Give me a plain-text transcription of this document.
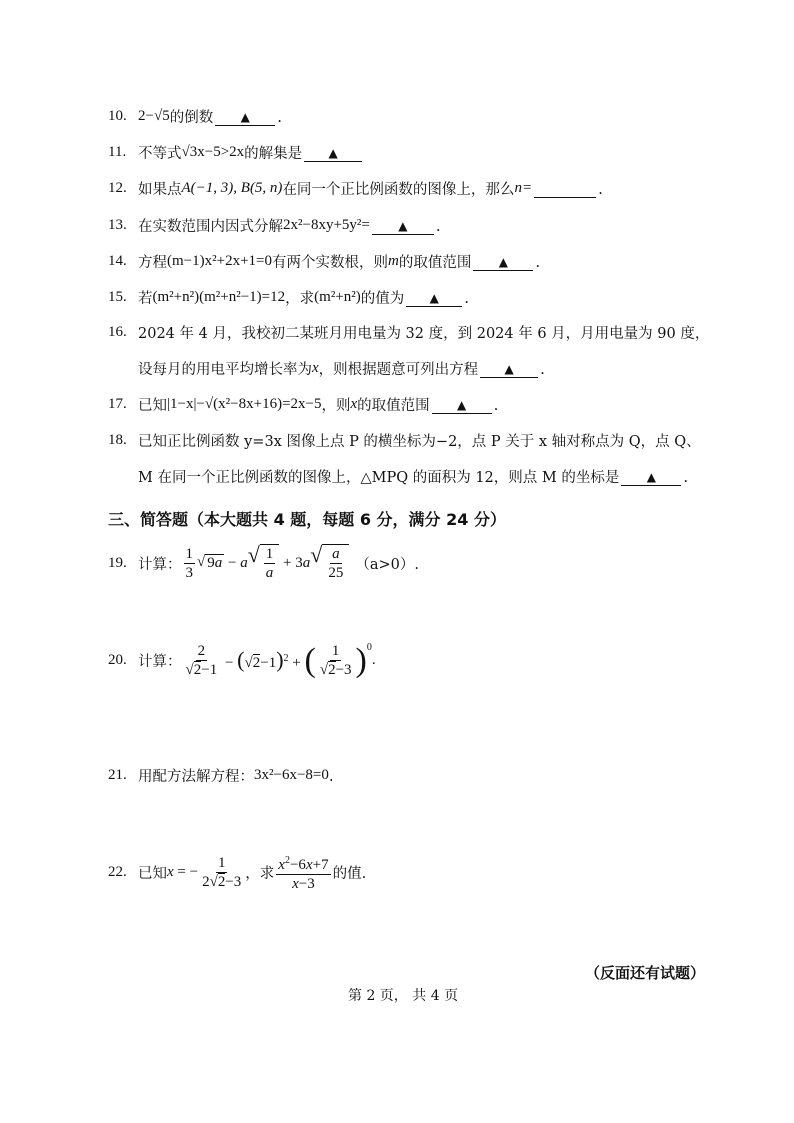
10. 2−√5 的倒数	▲	.
11. 不等式 √3x−5>2x 的解集是	▲
12. 如果点 A(−1, 3), B(5, n) 在同一个正比例函数的图像上，那么 n=	.
13. 在实数范围内因式分解 2x²−8xy+5y²=	▲	.
14. 方程 (m−1)x²+2x+1=0 有两个实数根，则 m 的取值范围	▲	.
15. 若 (m²+n²)(m²+n²−1)=12 ，求 (m²+n²) 的值为	▲	.
16. 2024 年 4 月，我校初二某班月用电量为 32 度，到 2024 年 6 月，月用电量为 90 度，
设每月的用电平均增长率为 x ，则根据题意可列出方程	▲	.
17. 已知 |1−x|−√(x²−8x+16)=2x−5 ，则 x 的取值范围	▲	.
18. 已知正比例函数 y=3x 图像上点 P 的横坐标为−2，点 P 关于 x 轴对称点为 Q，点 Q、
M 在同一个正比例函数的图像上，△MPQ 的面积为 12，则点 M 的坐标是	▲	.
三、简答题（本大题共 4 题，每题 6 分，满分 24 分）
19. 计算： $\frac{1}{3}$ √ 9a − a √ $\frac{1}{a} + 3a$ √ $\frac{a}{25} (a>0)$.
20. 计算： $\frac{2}{√2-1} - (√2-1)^2$ + ( $\frac{1}{√2-3}$ ) 0
.
21. 用配方法解方程： 3x²−6x−8=0 .
22. 已知 x = − $\frac{1}{2√2-3}$ ，求 $\frac{x^2-6x+7}{x-3}$ 的值.
（反面还有试题）
第 2 页， 共 4 页
